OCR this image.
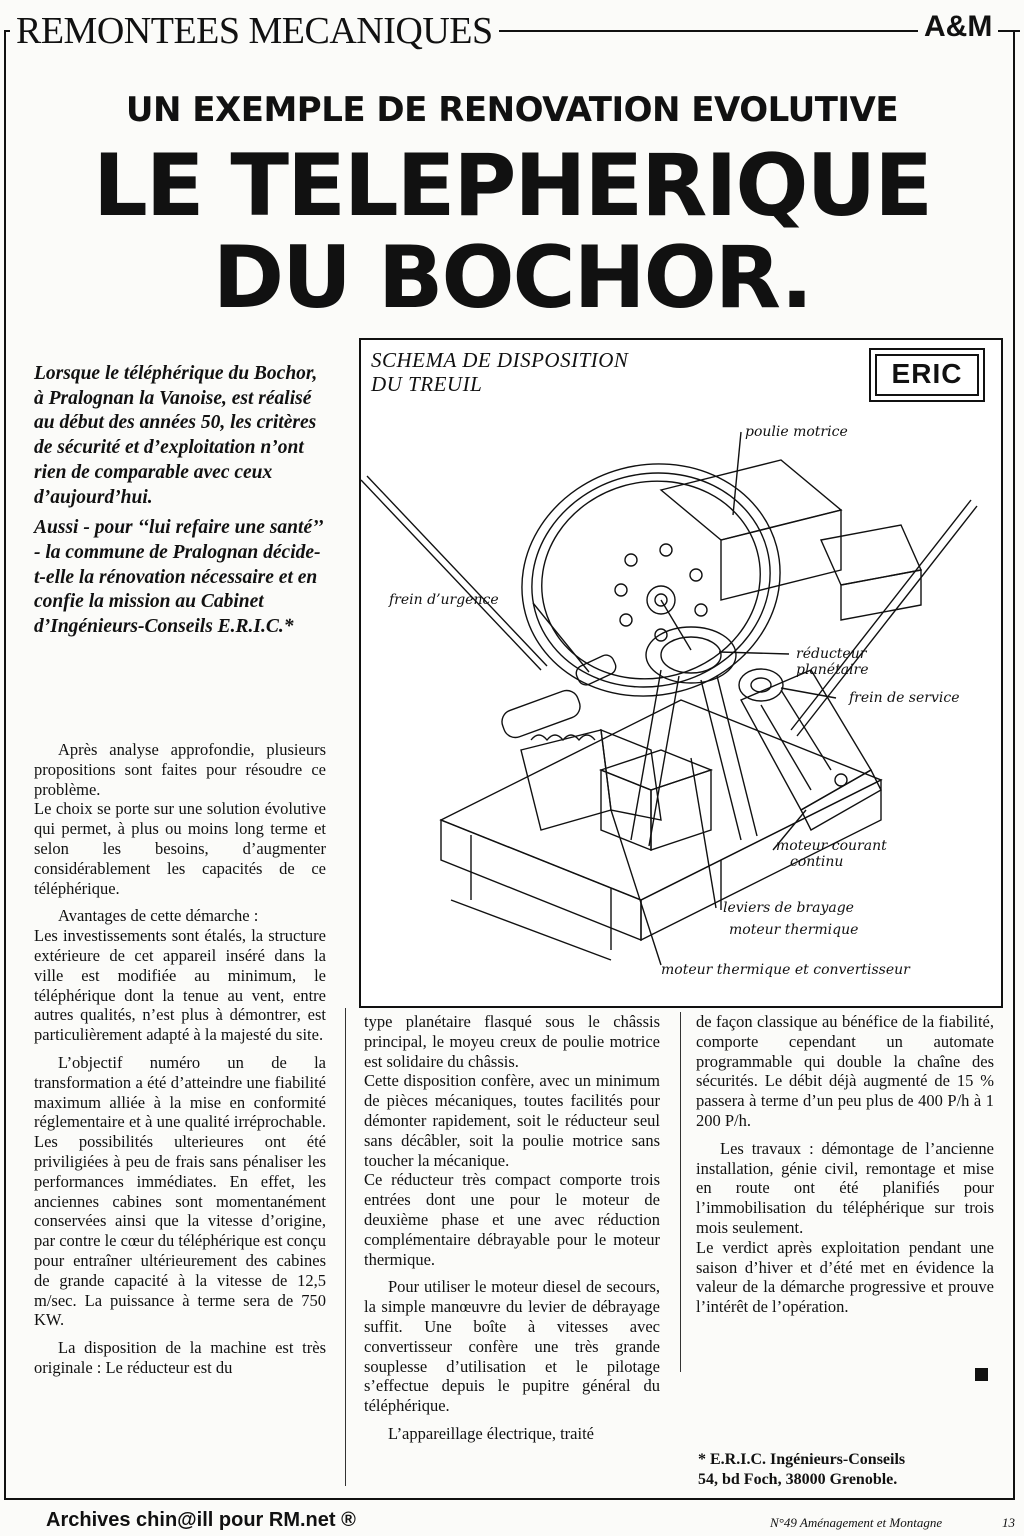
REMONTEES MECANIQUES	A&M
UN EXEMPLE DE RENOVATION EVOLUTIVE
LE TELEPHERIQUE
DU BOCHOR.

Lorsque le téléphérique du Bochor, à Pralognan la Vanoise, est réalisé au début des années 50, les critères de sécurité et d’exploitation n’ont rien de comparable avec ceux d’aujourd’hui.

Aussi - pour ‘‘lui refaire une santé’’ - la commune de Pralognan décide-t-elle la rénovation nécessaire et en confie la mission au Cabinet d’Ingénieurs-Conseils E.R.I.C.*

SCHEMA DE DISPOSITION
DU TREUIL	ERIC
poulie motrice
frein d’urgence
réducteur
planétaire
frein de service
moteur courant
continu
leviers de brayage
moteur thermique
moteur thermique et convertisseur

Après analyse approfondie, plusieurs propositions sont faites pour résoudre ce problème.

Le choix se porte sur une solution évolutive qui permet, à plus ou moins long terme et selon les besoins, d’augmenter considérablement les capacités de ce téléphérique.

Avantages de cette démarche :

Les investissements sont étalés, la structure extérieure de cet appareil inséré dans la ville est modifiée au minimum, le téléphérique dont la tenue au vent, entre autres qualités, n’est plus à démontrer, est particulièrement adapté à la majesté du site.

L’objectif numéro un de la transformation a été d’atteindre une fiabilité maximum alliée à la mise en conformité réglementaire et à une qualité irréprochable. Les possibilités ulterieures ont été priviligiées à peu de frais sans pénaliser les performances immédiates. En effet, les anciennes cabines sont momentanément conservées ainsi que la vitesse d’origine, par contre le cœur du téléphérique est conçu pour entraîner ultérieurement des cabines de grande capacité à la vitesse de 12,5 m/sec. La puissance à terme sera de 750 KW.

La disposition de la machine est très originale : Le réducteur est du

type planétaire flasqué sous le châssis principal, le moyeu creux de poulie motrice est solidaire du châssis.

Cette disposition confère, avec un minimum de pièces mécaniques, toutes facilités pour démonter rapidement, soit le réducteur seul sans décâbler, soit la poulie motrice sans toucher la mécanique.

Ce réducteur très compact comporte trois entrées dont une pour le moteur de deuxième phase et une avec réduction complémentaire débrayable pour le moteur thermique.

Pour utiliser le moteur diesel de secours, la simple manœuvre du levier de débrayage suffit. Une boîte à vitesses avec convertisseur confère une très grande souplesse d’utilisation et le pilotage s’effectue depuis le pupitre général du téléphérique.

L’appareillage électrique, traité

de façon classique au bénéfice de la fiabilité, comporte cependant un automate programmable qui double la chaîne des sécurités. Le débit déjà augmenté de 15 % passera à terme d’un peu plus de 400 P/h à 1 200 P/h.

Les travaux : démontage de l’ancienne installation, génie civil, remontage et mise en route ont été planifiés pour l’immobilisation du téléphérique sur trois mois seulement.

Le verdict après exploitation pendant une saison d’hiver et d’été met en évidence la valeur de la démarche progressive et prouve l’intérêt de l’opération.

* E.R.I.C. Ingénieurs-Conseils
54, bd Foch, 38000 Grenoble.
Archives chin@ill pour RM.net ®	N°49 Aménagement et Montagne	13
